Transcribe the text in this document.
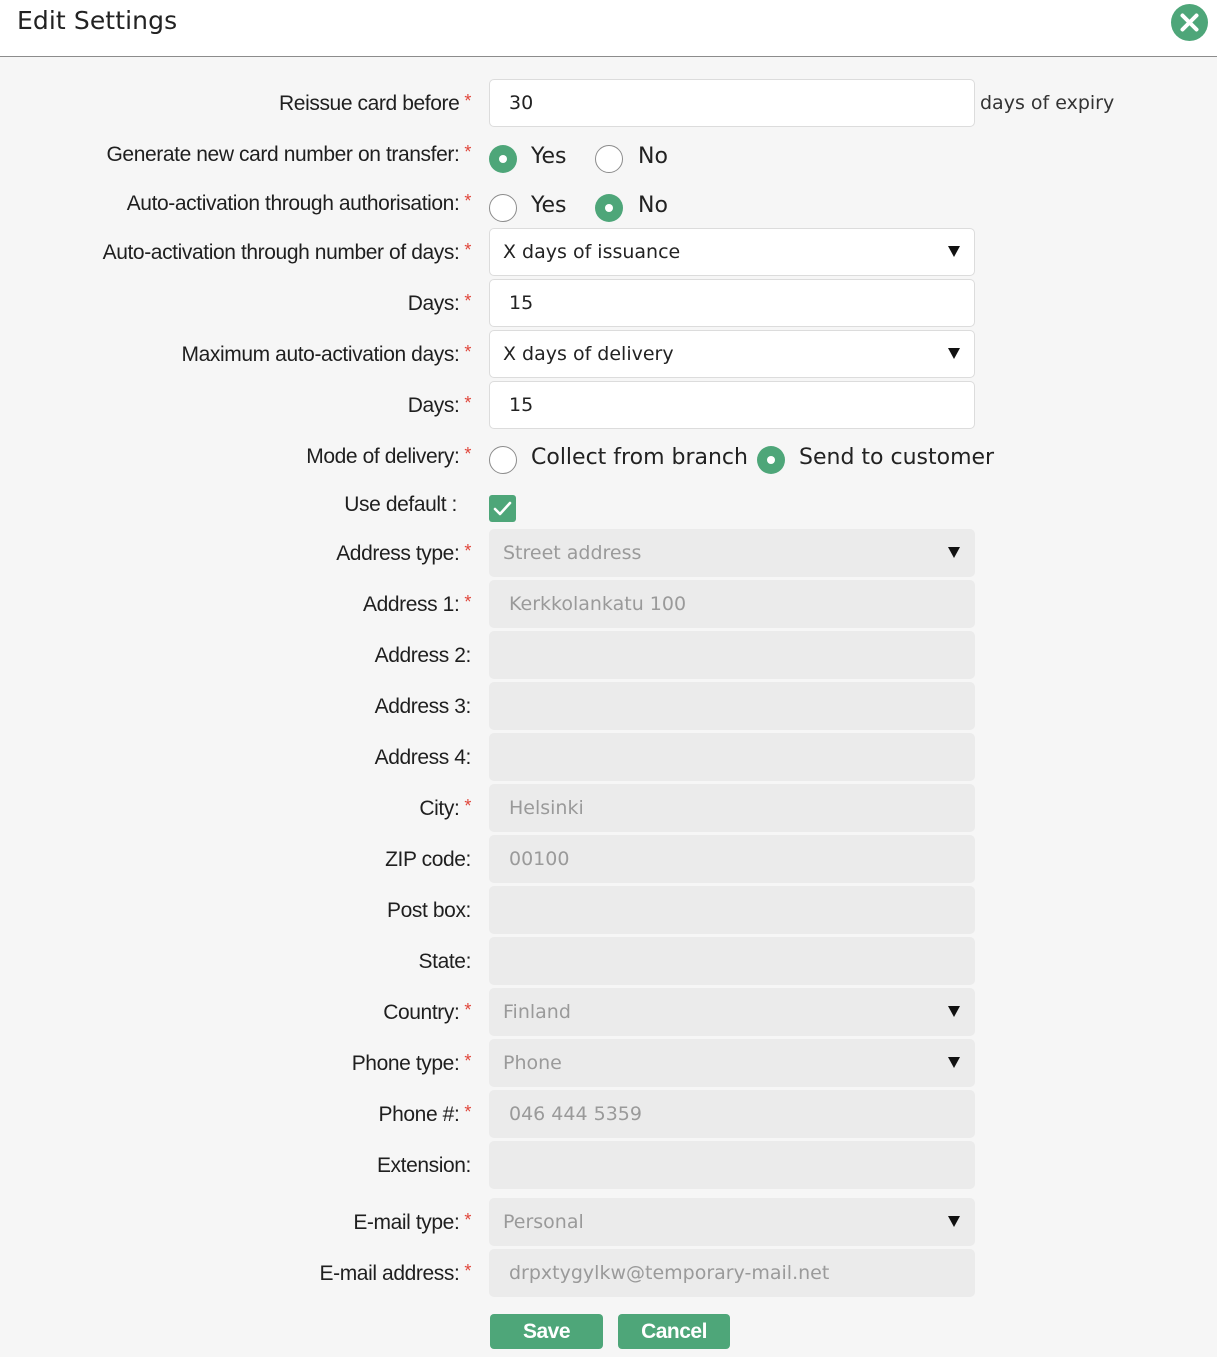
Edit Settings
Reissue card before *	30	days of expiry
Generate new card number on transfer: *	Yes	No
Auto-activation through authorisation: *	Yes	No
Auto-activation through number of days: *	X days of issuance
Days: *	15
Maximum auto-activation days: *	X days of delivery
Days: *	15
Mode of delivery: *	Collect from branch Send to customer
Use default :
Address type: *	Street address
Address 1: *	Kerkkolankatu 100
Address 2:
Address 3:
Address 4:
City: *	Helsinki
ZIP code:	00100
Post box:
State:
Country: *	Finland
Phone type: *	Phone
Phone #: *	046 444 5359
Extension:
E-mail type: *	Personal
E-mail address: *	drpxtygylkw@temporary-mail.net
Save	Cancel
